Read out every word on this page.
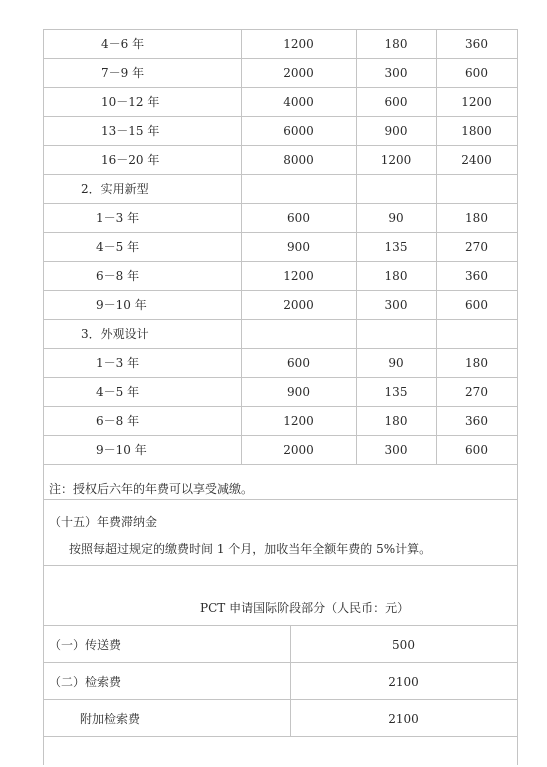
4－6 年	1200	180	360
7－9 年	2000	300	600
10－12 年	4000	600	1200
13－15 年	6000	900	1800
16－20 年	8000	1200	2400
2．实用新型
1－3 年	600	90	180
4－5 年	900	135	270
6－8 年	1200	180	360
9－10 年	2000	300	600
3．外观设计
1－3 年	600	90	180
4－5 年	900	135	270
6－8 年	1200	180	360
9－10 年	2000	300	600
注：授权后六年的年费可以享受减缴。
（十五）年费滞纳金
按照每超过规定的缴费时间 1 个月，加收当年全额年费的 5%计算。
PCT 申请国际阶段部分（人民币：元）
（一）传送费	500
（二）检索费	2100
附加检索费	2100
